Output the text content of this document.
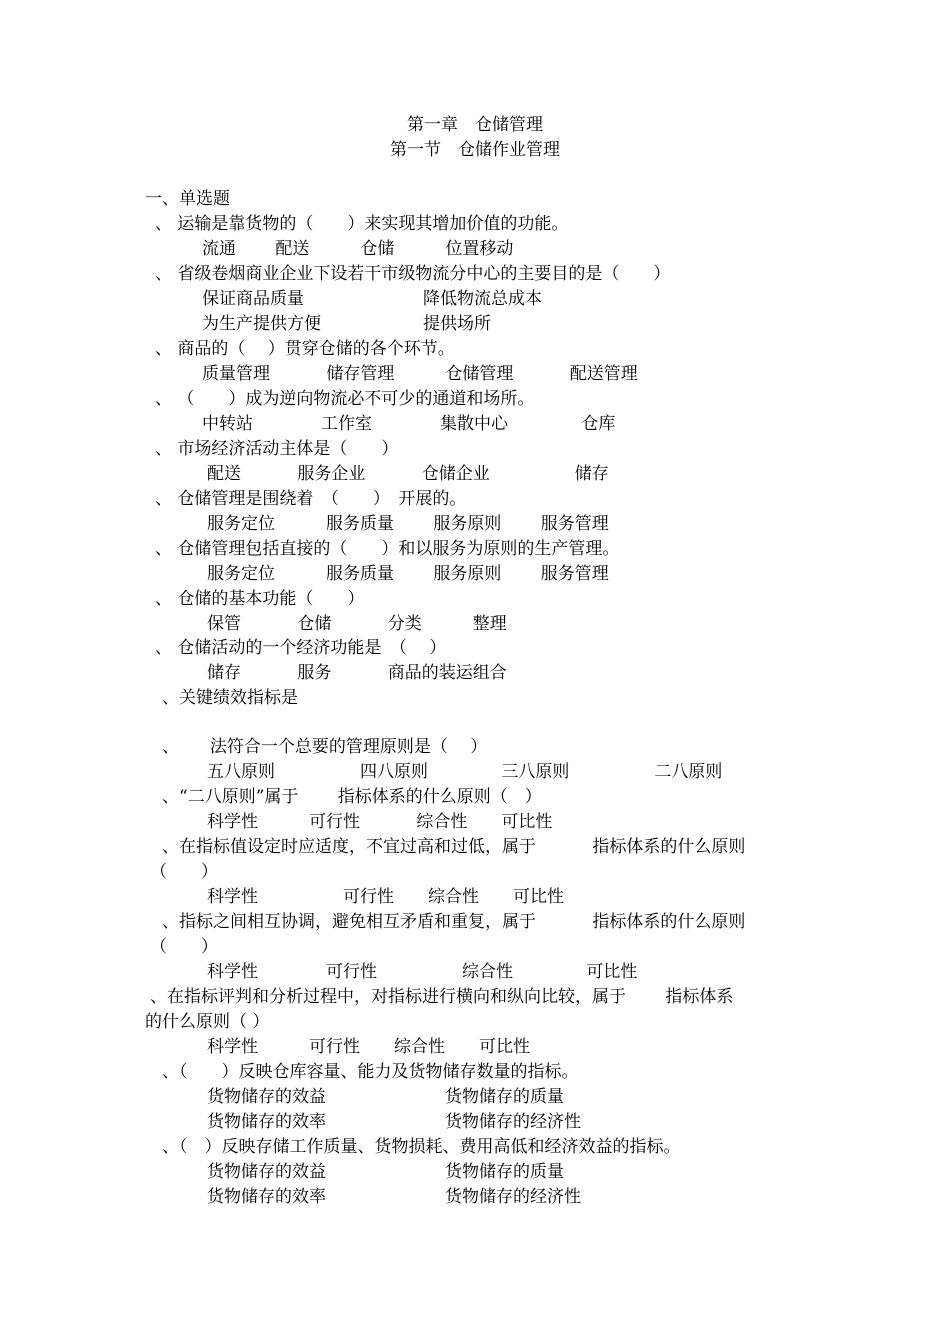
第一章　仓储管理
第一节　仓储作业管理
一、单选题
、 运输是靠货物的（　　）来实现其增加价值的功能。
流通　　 配送　　　仓储　　　位置移动
、 省级卷烟商业企业下设若干市级物流分中心的主要目的是（　　）
保证商品质量　　　　　　　降低物流总成本
为生产提供方便　　　　　　提供场所
、 商品的（　 ）贯穿仓储的各个环节。
质量管理　　　 储存管理　　　仓储管理　　　 配送管理
、 （　　）成为逆向物流必不可少的通道和场所。
中转站　　　　工作室　　　　集散中心　　　　 仓库
、 市场经济活动主体是（　　）
配送　　　 服务企业　　　 仓储企业　　　　　储存
、 仓储管理是围绕着　（　　）　开展的。
服务定位　　　服务质量　　 服务原则　　 服务管理
、 仓储管理包括直接的（　　）和以服务为原则的生产管理。
服务定位　　　服务质量　　 服务原则　　 服务管理
、 仓储的基本功能（　　）
保管　　　 仓储　　　 分类　　　整理
、 仓储活动的一个经济功能是　（　 ）
储存　　　 服务　　　 商品的装运组合
、关键绩效指标是
、　　 法符合一个总要的管理原则是（　 ）
五八原则　　　　　四八原则　　　　 三八原则　　　　　二八原则
、“二八原则”属于　　 指标体系的什么原则（　）
科学性　　　可行性　　　 综合性　　可比性
、在指标值设定时应适度，不宜过高和过低，属于　　　 指标体系的什么原则
（　　）
科学性　　　　　可行性　　综合性　　可比性
、指标之间相互协调，避免相互矛盾和重复，属于　　　 指标体系的什么原则
（　　）
科学性　　　　可行性　　　　　综合性　　　　 可比性
、在指标评判和分析过程中，对指标进行横向和纵向比较，属于　　 指标体系
的什么原则（ ）
科学性　　　可行性　　综合性　　可比性
、（　　）反映仓库容量、能力及货物储存数量的指标。
货物储存的效益　　　　　　　货物储存的质量
货物储存的效率　　　　　　　货物储存的经济性
、（　）反映存储工作质量、货物损耗、费用高低和经济效益的指标。
货物储存的效益　　　　　　　货物储存的质量
货物储存的效率　　　　　　　货物储存的经济性
